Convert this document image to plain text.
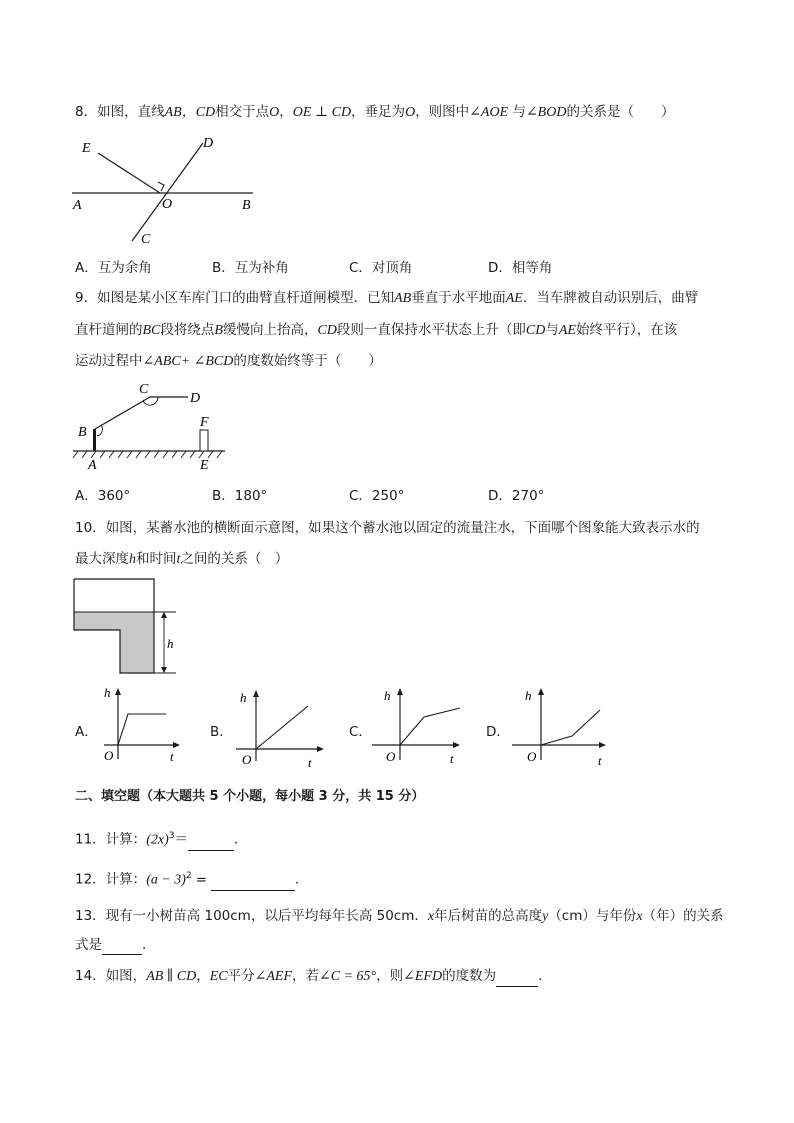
8．如图，直线AB，CD相交于点O，OE ⊥ CD，垂足为O，则图中∠AOE 与∠BOD的关系是（　　）
E	D
A	O	B
C
A．互为余角	B．互为补角	C．对顶角	D．相等角
9．如图是某小区车库门口的曲臂直杆道闸模型．已知AB垂直于水平地面AE．当车牌被自动识别后，曲臂
直杆道闸的BC段将绕点B缓慢向上抬高，CD段则一直保持水平状态上升（即CD与AE始终平行），在该
运动过程中∠ABC+ ∠BCD的度数始终等于（　　）
C
D
B
F
A	E
A．360°	B．180°	C．250°	D．270°
10．如图，某蓄水池的横断面示意图，如果这个蓄水池以固定的流量注水，下面哪个图象能大致表示水的
最大深度h和时间t之间的关系（　）
h
A．
h
t
O
B．
h
t
O
C．
h
t
O
D．
h
t
O
二、填空题（本大题共 5 个小题，每小题 3 分，共 15 分）
11．计算：$(2x)^3=$	．
12．计算：$(a - 3)^2$ =	．
13．现有一小树苗高 100cm，以后平均每年长高 50cm．x年后树苗的总高度y（cm）与年份x（年）的关系
式是	．
14．如图，AB ∥ CD，EC平分∠AEF，若∠C = 65°，则∠EFD的度数为	．
